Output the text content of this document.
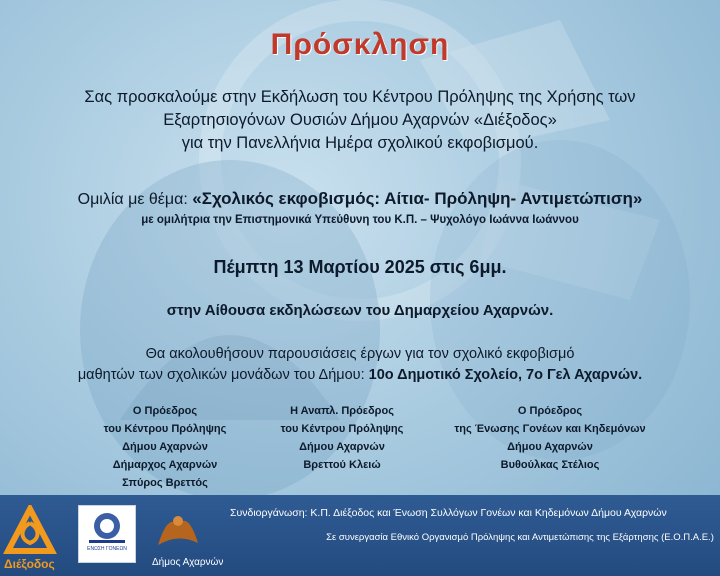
Πρόσκληση
Σας προσκαλούμε στην Εκδήλωση του Κέντρου Πρόληψης της Χρήσης των
Εξαρτησιογόνων Ουσιών Δήμου Αχαρνών «Διέξοδος»
για την Πανελλήνια Ημέρα σχολικού εκφοβισμού.
Ομιλία με θέμα: «Σχολικός εκφοβισμός: Αίτια- Πρόληψη- Αντιμετώπιση»
με ομιλήτρια την Επιστημονικά Υπεύθυνη του Κ.Π. – Ψυχολόγο Ιωάννα Ιωάννου
Πέμπτη 13 Μαρτίου 2025 στις 6μμ.
στην Αίθουσα εκδηλώσεων του Δημαρχείου Αχαρνών.
Θα ακολουθήσουν παρουσιάσεις έργων για τον σχολικό εκφοβισμό
μαθητών των σχολικών μονάδων του Δήμου: 10ο Δημοτικό Σχολείο, 7ο Γελ Αχαρνών.
Ο Πρόεδρος
του Κέντρου Πρόληψης
Δήμου Αχαρνών
Δήμαρχος Αχαρνών
Σπύρος Βρεττός
Η Αναπλ. Πρόεδρος
του Κέντρου Πρόληψης
Δήμου Αχαρνών
Βρεττού Κλειώ
Ο Πρόεδρος
της Ένωσης Γονέων και Κηδεμόνων
Δήμου Αχαρνών
Βυθούλκας Στέλιος
Συνδιοργάνωση: Κ.Π. Διέξοδος και Ένωση Συλλόγων Γονέων και Κηδεμόνων Δήμου Αχαρνών
Σε συνεργασία Εθνικό Οργανισμό Πρόληψης και Αντιμετώπισης της Εξάρτησης (Ε.Ο.Π.Α.Ε.)
Διέξοδος
ΕΝΩΣΗ ΓΟΝΕΩΝ
Δήμος Αχαρνών
